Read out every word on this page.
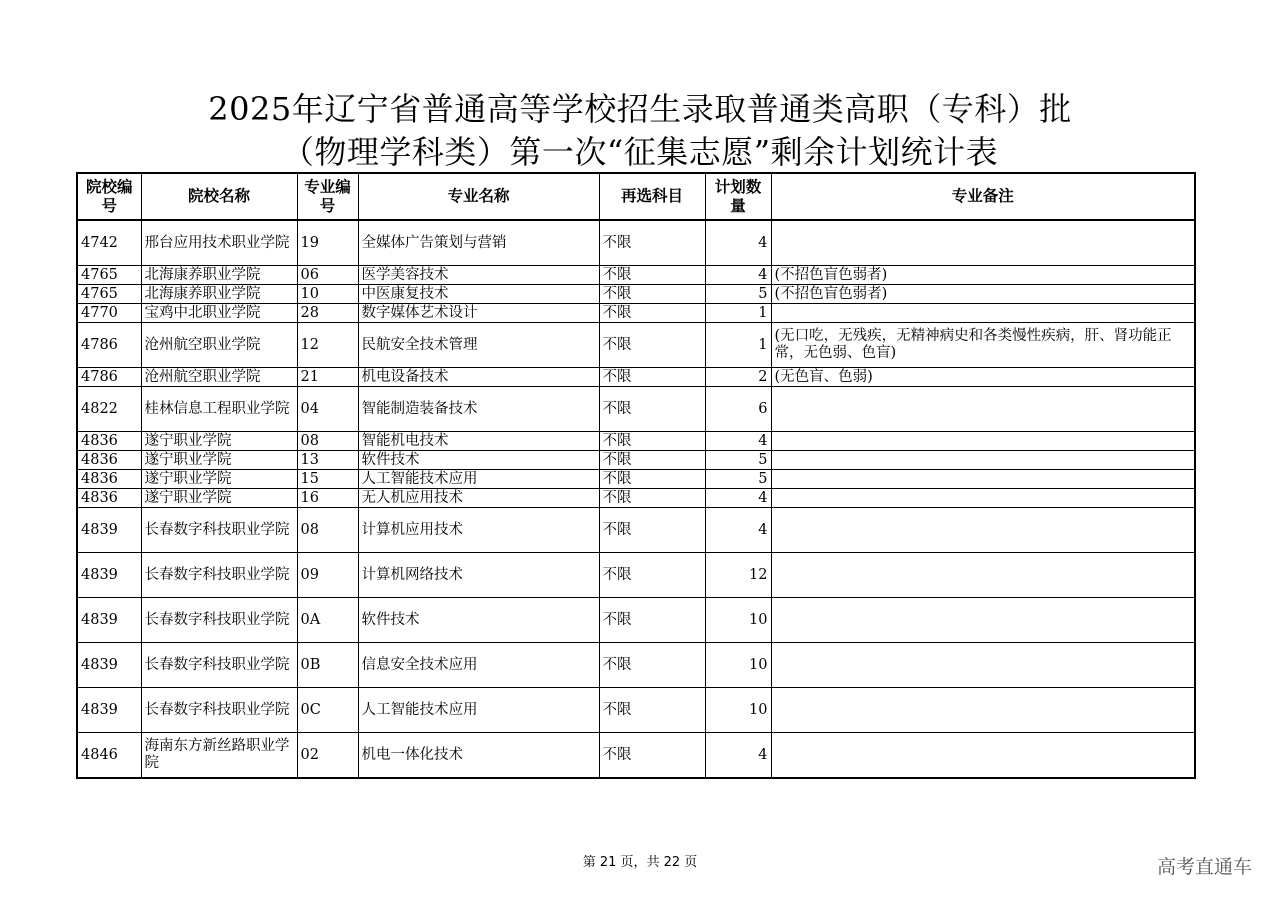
2025年辽宁省普通高等学校招生录取普通类高职（专科）批
（物理学科类）第一次“征集志愿”剩余计划统计表
院校编号	院校名称	专业编号	专业名称	再选科目	计划数量	专业备注
4742	邢台应用技术职业学院	19	全媒体广告策划与营销	不限	4	
4765	北海康养职业学院	06	医学美容技术	不限	4	(不招色盲色弱者)
4765	北海康养职业学院	10	中医康复技术	不限	5	(不招色盲色弱者)
4770	宝鸡中北职业学院	28	数字媒体艺术设计	不限	1	
4786	沧州航空职业学院	12	民航安全技术管理	不限	1	(无口吃，无残疾，无精神病史和各类慢性疾病，肝、肾功能正常，无色弱、色盲)
4786	沧州航空职业学院	21	机电设备技术	不限	2	(无色盲、色弱)
4822	桂林信息工程职业学院	04	智能制造装备技术	不限	6	
4836	遂宁职业学院	08	智能机电技术	不限	4	
4836	遂宁职业学院	13	软件技术	不限	5	
4836	遂宁职业学院	15	人工智能技术应用	不限	5	
4836	遂宁职业学院	16	无人机应用技术	不限	4	
4839	长春数字科技职业学院	08	计算机应用技术	不限	4	
4839	长春数字科技职业学院	09	计算机网络技术	不限	12	
4839	长春数字科技职业学院	0A	软件技术	不限	10	
4839	长春数字科技职业学院	0B	信息安全技术应用	不限	10	
4839	长春数字科技职业学院	0C	人工智能技术应用	不限	10	
4846	海南东方新丝路职业学院	02	机电一体化技术	不限	4	
第 21 页，共 22 页	高考直通车
